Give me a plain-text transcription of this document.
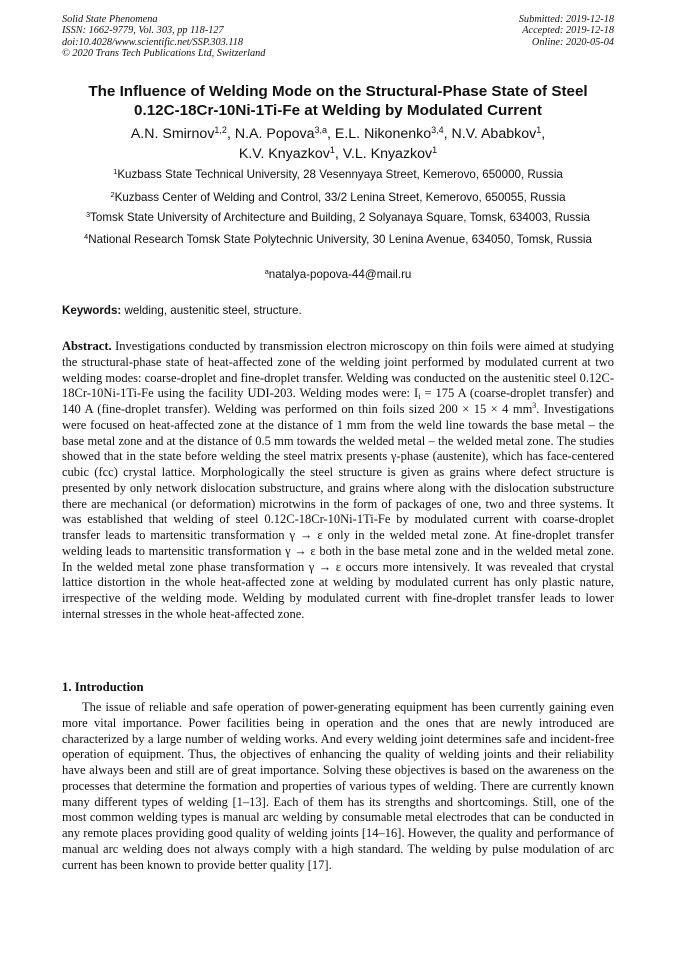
Solid State Phenomena
ISSN: 1662-9779, Vol. 303, pp 118-127
doi:10.4028/www.scientific.net/SSP.303.118
© 2020 Trans Tech Publications Ltd, Switzerland
Submitted: 2019-12-18
Accepted: 2019-12-18
Online: 2020-05-04
The Influence of Welding Mode on the Structural-Phase State of Steel
0.12C-18Cr-10Ni-1Ti-Fe at Welding by Modulated Current
A.N. Smirnov$^{1,2}$, N.A. Popova$^{3,a}$, E.L. Nikonenko$^{3,4}$, N.V. Ababkov$^1$,
K.V. Knyazkov$^1$, V.L. Knyazkov$^1$
$^1$Kuzbass State Technical University, 28 Vesennyaya Street, Kemerovo, 650000, Russia
$^2$Kuzbass Center of Welding and Control, 33/2 Lenina Street, Kemerovo, 650055, Russia
$^3$Tomsk State University of Architecture and Building, 2 Solyanaya Square, Tomsk, 634003, Russia
$^4$National Research Tomsk State Polytechnic University, 30 Lenina Avenue, 634050, Tomsk, Russia
$^a$natalya-popova-44@mail.ru
Keywords: welding, austenitic steel, structure.
Abstract. Investigations conducted by transmission electron microscopy on thin foils were aimed at studying the structural-phase state of heat-affected zone of the welding joint performed by modulated current at two welding modes: coarse-droplet and fine-droplet transfer. Welding was conducted on the austenitic steel 0.12C-18Cr-10Ni-1Ti-Fe using the facility UDI-203. Welding modes were: $I_i = 175$ A (coarse-droplet transfer) and 140 A (fine-droplet transfer). Welding was performed on thin foils sized 200 × 15 × 4 $mm^3$. Investigations were focused on heat-affected zone at the distance of 1 mm from the weld line towards the base metal – the base metal zone and at the distance of 0.5 mm towards the welded metal – the welded metal zone. The studies showed that in the state before welding the steel matrix presents γ-phase (austenite), which has face-centered cubic (fcc) crystal lattice. Morphologically the steel structure is given as grains where defect structure is presented by only network dislocation substructure, and grains where along with the dislocation substructure there are mechanical (or deformation) microtwins in the form of packages of one, two and three systems. It was established that welding of steel 0.12C-18Cr-10Ni-1Ti-Fe by modulated current with coarse-droplet transfer leads to martensitic transformation γ → ε only in the welded metal zone. At fine-droplet transfer welding leads to martensitic transformation γ → ε both in the base metal zone and in the welded metal zone. In the welded metal zone phase transformation γ → ε occurs more intensively. It was revealed that crystal lattice distortion in the whole heat-affected zone at welding by modulated current has only plastic nature, irrespective of the welding mode. Welding by modulated current with fine-droplet transfer leads to lower internal stresses in the whole heat-affected zone.
1. Introduction
The issue of reliable and safe operation of power-generating equipment has been currently gaining even more vital importance. Power facilities being in operation and the ones that are newly introduced are characterized by a large number of welding works. And every welding joint determines safe and incident-free operation of equipment. Thus, the objectives of enhancing the quality of welding joints and their reliability have always been and still are of great importance. Solving these objectives is based on the awareness on the processes that determine the formation and properties of various types of welding. There are currently known many different types of welding [1–13]. Each of them has its strengths and shortcomings. Still, one of the most common welding types is manual arc welding by consumable metal electrodes that can be conducted in any remote places providing good quality of welding joints [14–16]. However, the quality and performance of manual arc welding does not always comply with a high standard. The welding by pulse modulation of arc current has been known to provide better quality [17].
